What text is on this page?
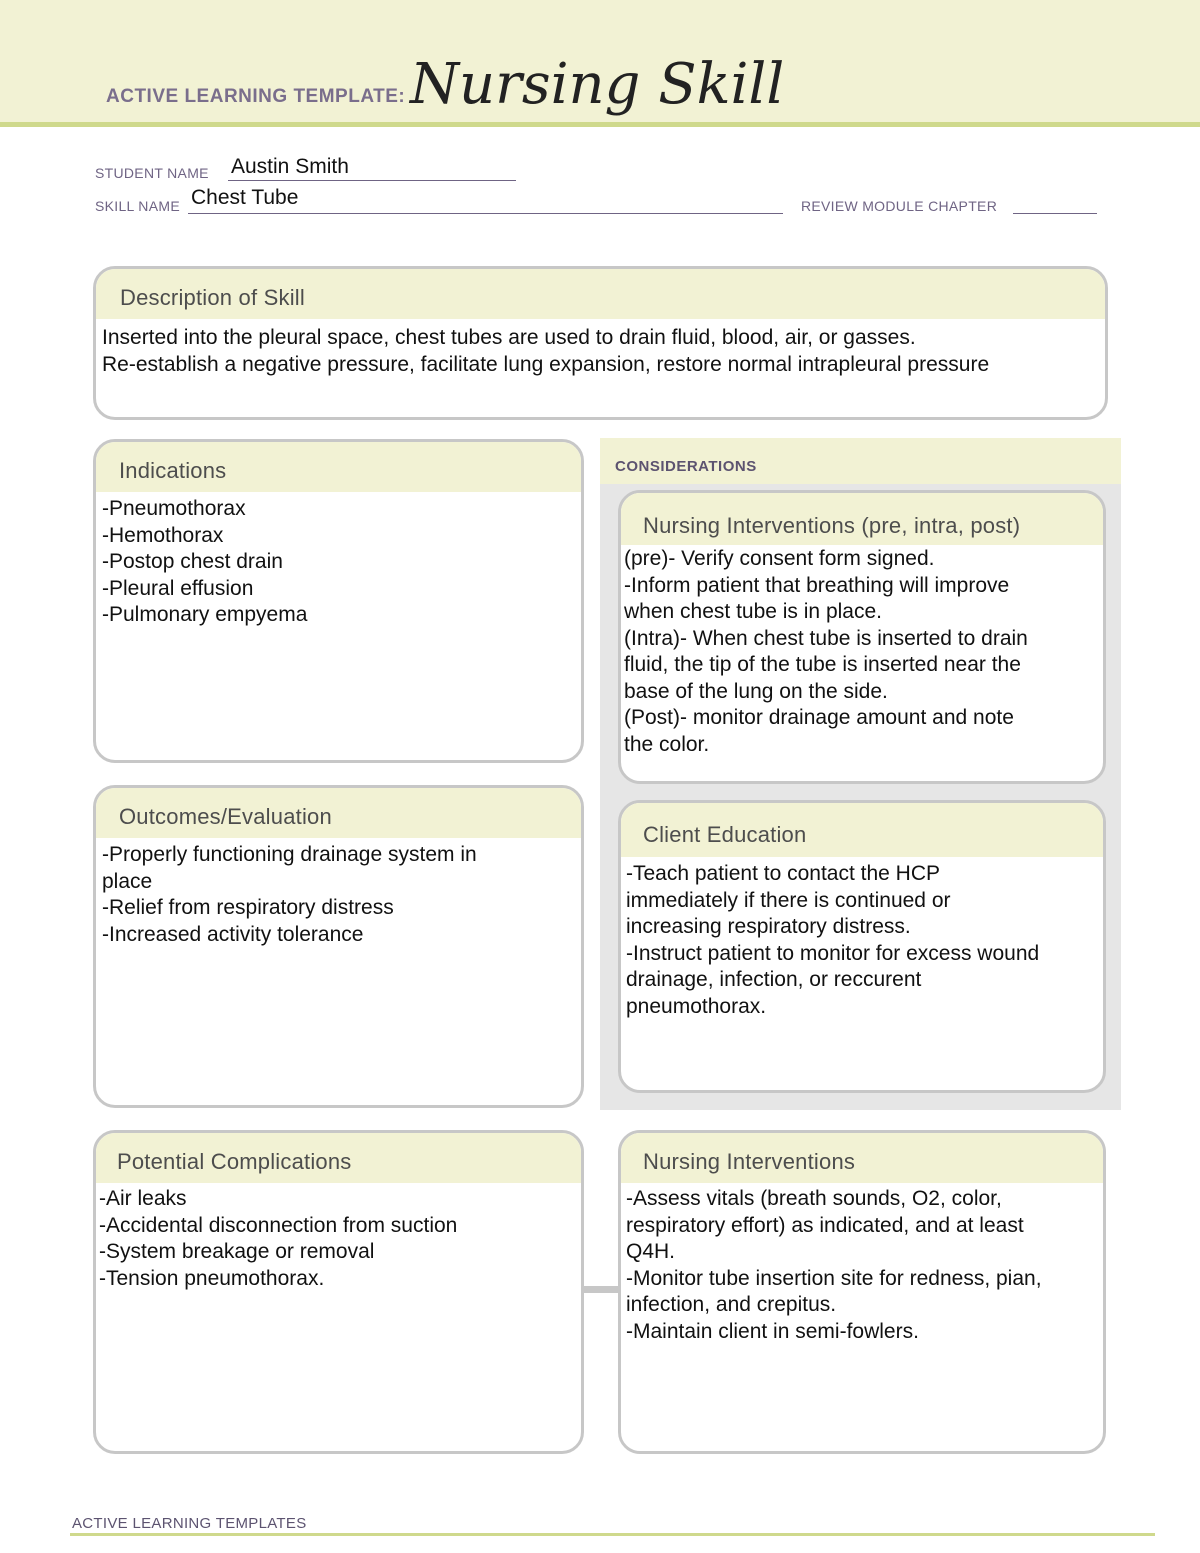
ACTIVE LEARNING TEMPLATE: Nursing Skill
STUDENT NAME Austin Smith
SKILL NAME Chest Tube	REVIEW MODULE CHAPTER
Description of Skill
Inserted into the pleural space, chest tubes are used to drain fluid, blood, air, or gasses.
Re-establish a negative pressure, facilitate lung expansion, restore normal intrapleural pressure
CONSIDERATIONS
Indications
-Pneumothorax
-Hemothorax
-Postop chest drain
-Pleural effusion
-Pulmonary empyema
Nursing Interventions (pre, intra, post)
(pre)- Verify consent form signed.
-Inform patient that breathing will improve
when chest tube is in place.
(Intra)- When chest tube is inserted to drain
fluid, the tip of the tube is inserted near the
base of the lung on the side.
(Post)- monitor drainage amount and note
the color.
Outcomes/Evaluation
-Properly functioning drainage system in
place
-Relief from respiratory distress
-Increased activity tolerance
Client Education
-Teach patient to contact the HCP
immediately if there is continued or
increasing respiratory distress.
-Instruct patient to monitor for excess wound
drainage, infection, or reccurent
pneumothorax.
Potential Complications
-Air leaks
-Accidental disconnection from suction
-System breakage or removal
-Tension pneumothorax.
Nursing Interventions
-Assess vitals (breath sounds, O2, color,
respiratory effort) as indicated, and at least
Q4H.
-Monitor tube insertion site for redness, pian,
infection, and crepitus.
-Maintain client in semi-fowlers.
ACTIVE LEARNING TEMPLATES
